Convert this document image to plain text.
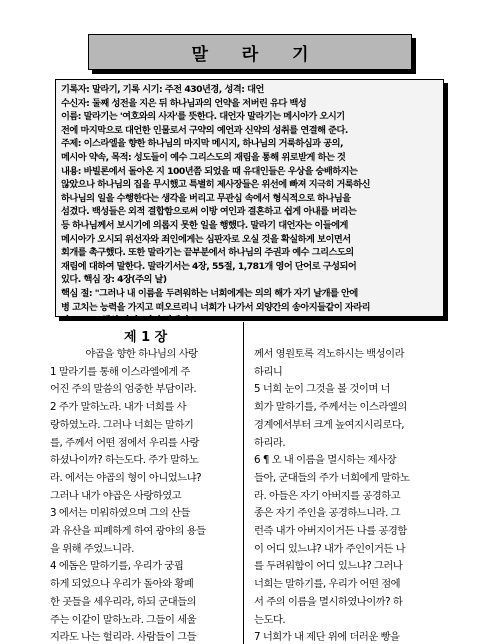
말 라 기

기록자: 말라기, 기록 시기: 주전 430년경, 성격: 대언

수신자: 둘째 성전을 지은 뒤 하나님과의 언약을 저버린 유다 백성

이름: 말라기는 '여호와의 사자'를 뜻한다. 대언자 말라기는 메시아가 오시기

전에 마지막으로 대언한 인물로서 구약의 예언과 신약의 성취를 연결해 준다.

주제: 이스라엘을 향한 하나님의 마지막 메시지, 하나님의 거룩하심과 공의,

메시아 약속, 목적: 성도들이 예수 그리스도의 재림을 통해 위로받게 하는 것

내용: 바빌론에서 돌아온 지 100년쯤 되었을 때 유대인들은 우상을 숭배하지는

않았으나 하나님의 집을 무시했고 특별히 제사장들은 위선에 빠져 지극히 거룩하신

하나님의 일을 수행한다는 생각을 버리고 무관심 속에서 형식적으로 하나님을

섬겼다. 백성들은 외적 결합함으로써 이방 여인과 결혼하고 쉽게 아내를 버리는

등 하나님께서 보시기에 의롭지 못한 일을 행했다. 말라기 대언자는 이들에게

메시아가 오시되 위선자와 죄인에게는 심판자로 오실 것을 확실하게 보이면서

회개를 촉구했다. 또한 말라기는 끝부분에서 하나님의 주권과 예수 그리스도의

재림에 대하여 말한다. 말라기서는 4장, 55절, 1,781개 영어 단어로 구성되어

있다. 핵심 장: 4장(주의 날)

핵심 절: "그러나 내 이름을 두려워하는 너희에게는 의의 해가 자기 날개를 안에

병 고치는 능력을 가지고 떠오르리니 너희가 나가서 외양간의 송아지들같이 자라리

제 1 장

야곱을 향한 하나님의 사랑

1 말라기를 통해 이스라엘에게 주

어진 주의 말씀의 엄중한 부담이라.

2 주가 말하노라. 내가 너희를 사

랑하였노라. 그러나 너희는 말하기

를, 주께서 어떤 점에서 우리를 사랑

하셨나이까? 하는도다. 주가 말하노

라. 에서는 야곱의 형이 아니었느냐?

그러나 내가 야곱은 사랑하였고

3 에서는 미워하였으며 그의 산들

과 유산을 피폐하게 하여 광야의 용들

을 위해 주었느니라.

4 에돔은 말하기를, 우리가 궁핍

하게 되었으나 우리가 돌아와 황폐

한 곳들을 세우리라, 하되 군대들의

주는 이같이 말하노라. 그들이 세울

지라도 나는 헐리라. 사람들이 그들

께서 영원토록 격노하시는 백성이라

하리니

5 너희 눈이 그것을 볼 것이며 너

희가 말하기를, 주께서는 이스라엘의

경계에서부터 크게 높여지시리로다,

하리라.

6 ¶ 오 내 이름을 멸시하는 제사장

들아, 군대들의 주가 너희에게 말하노

라. 아들은 자기 아버지를 공경하고

종은 자기 주인을 공경하느니라. 그

런즉 내가 아버지이거든 나를 공경함

이 어디 있느냐? 내가 주인이거든 나

를 두려워함이 어디 있느냐? 그러나

너희는 말하기를, 우리가 어떤 점에

서 주의 이름을 멸시하였나이까? 하

는도다.

7 너희가 내 제단 위에 더러운 빵을
